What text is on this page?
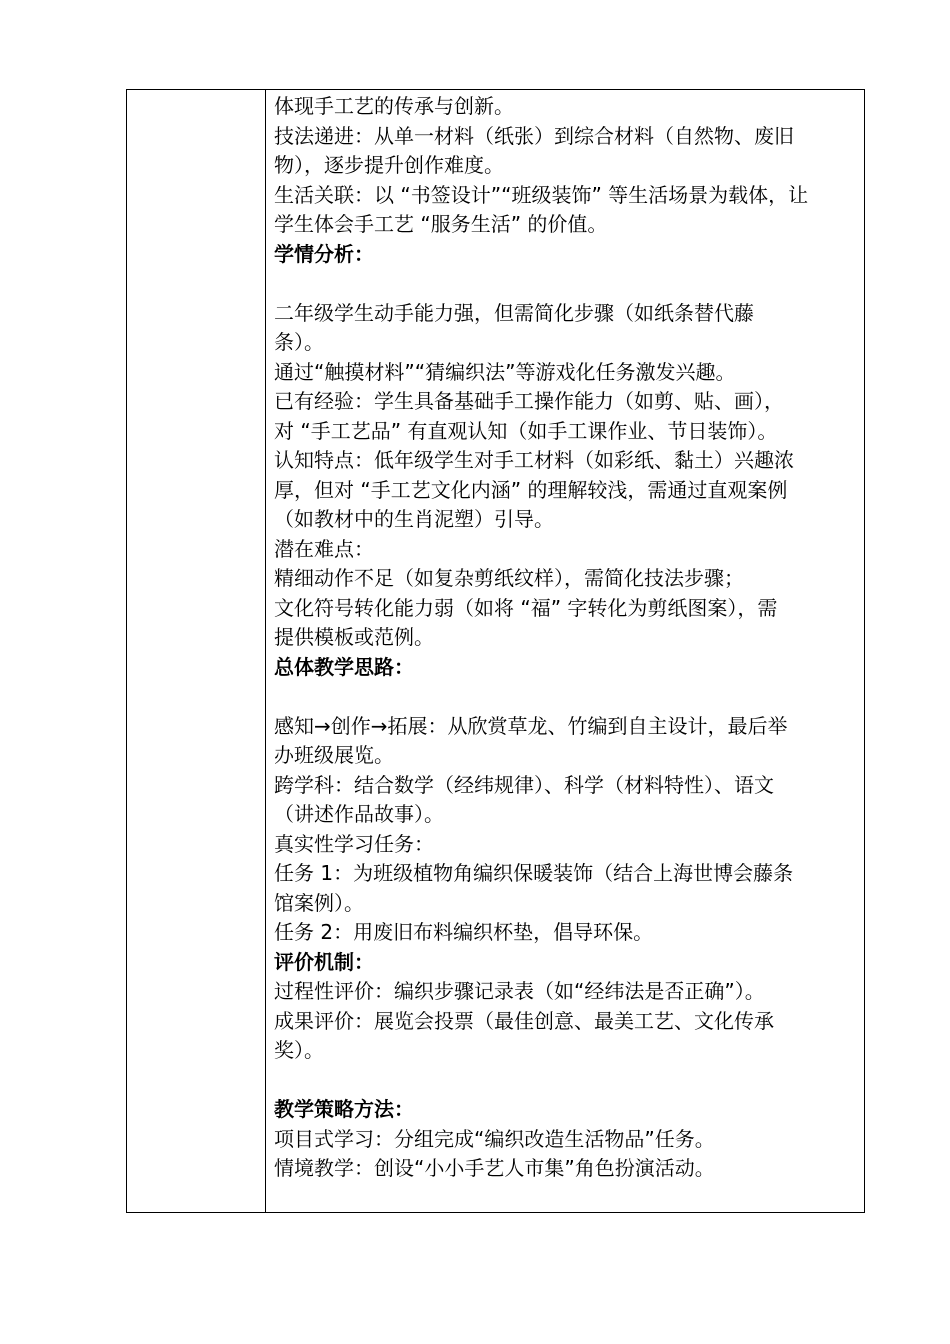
体现手工艺的传承与创新。
技法递进：从单一材料（纸张）到综合材料（自然物、废旧
物），逐步提升创作难度。
生活关联：以 “书签设计”“班级装饰” 等生活场景为载体，让
学生体会手工艺 “服务生活” 的价值。
学情分析：
二年级学生动手能力强，但需简化步骤（如纸条替代藤
条）。
通过“触摸材料”“猜编织法”等游戏化任务激发兴趣。
已有经验：学生具备基础手工操作能力（如剪、贴、画），
对 “手工艺品” 有直观认知（如手工课作业、节日装饰）。
认知特点：低年级学生对手工材料（如彩纸、黏土）兴趣浓
厚，但对 “手工艺文化内涵” 的理解较浅，需通过直观案例
（如教材中的生肖泥塑）引导。
潜在难点：
精细动作不足（如复杂剪纸纹样），需简化技法步骤；
文化符号转化能力弱（如将 “福” 字转化为剪纸图案），需
提供模板或范例。
总体教学思路：
感知→创作→拓展：从欣赏草龙、竹编到自主设计，最后举
办班级展览。
跨学科：结合数学（经纬规律）、科学（材料特性）、语文
（讲述作品故事）。
真实性学习任务：
任务 1：为班级植物角编织保暖装饰（结合上海世博会藤条
馆案例）。
任务 2：用废旧布料编织杯垫，倡导环保。
评价机制：
过程性评价：编织步骤记录表（如“经纬法是否正确”）。
成果评价：展览会投票（最佳创意、最美工艺、文化传承
奖）。
教学策略方法：
项目式学习：分组完成“编织改造生活物品”任务。
情境教学：创设“小小手艺人市集”角色扮演活动。
